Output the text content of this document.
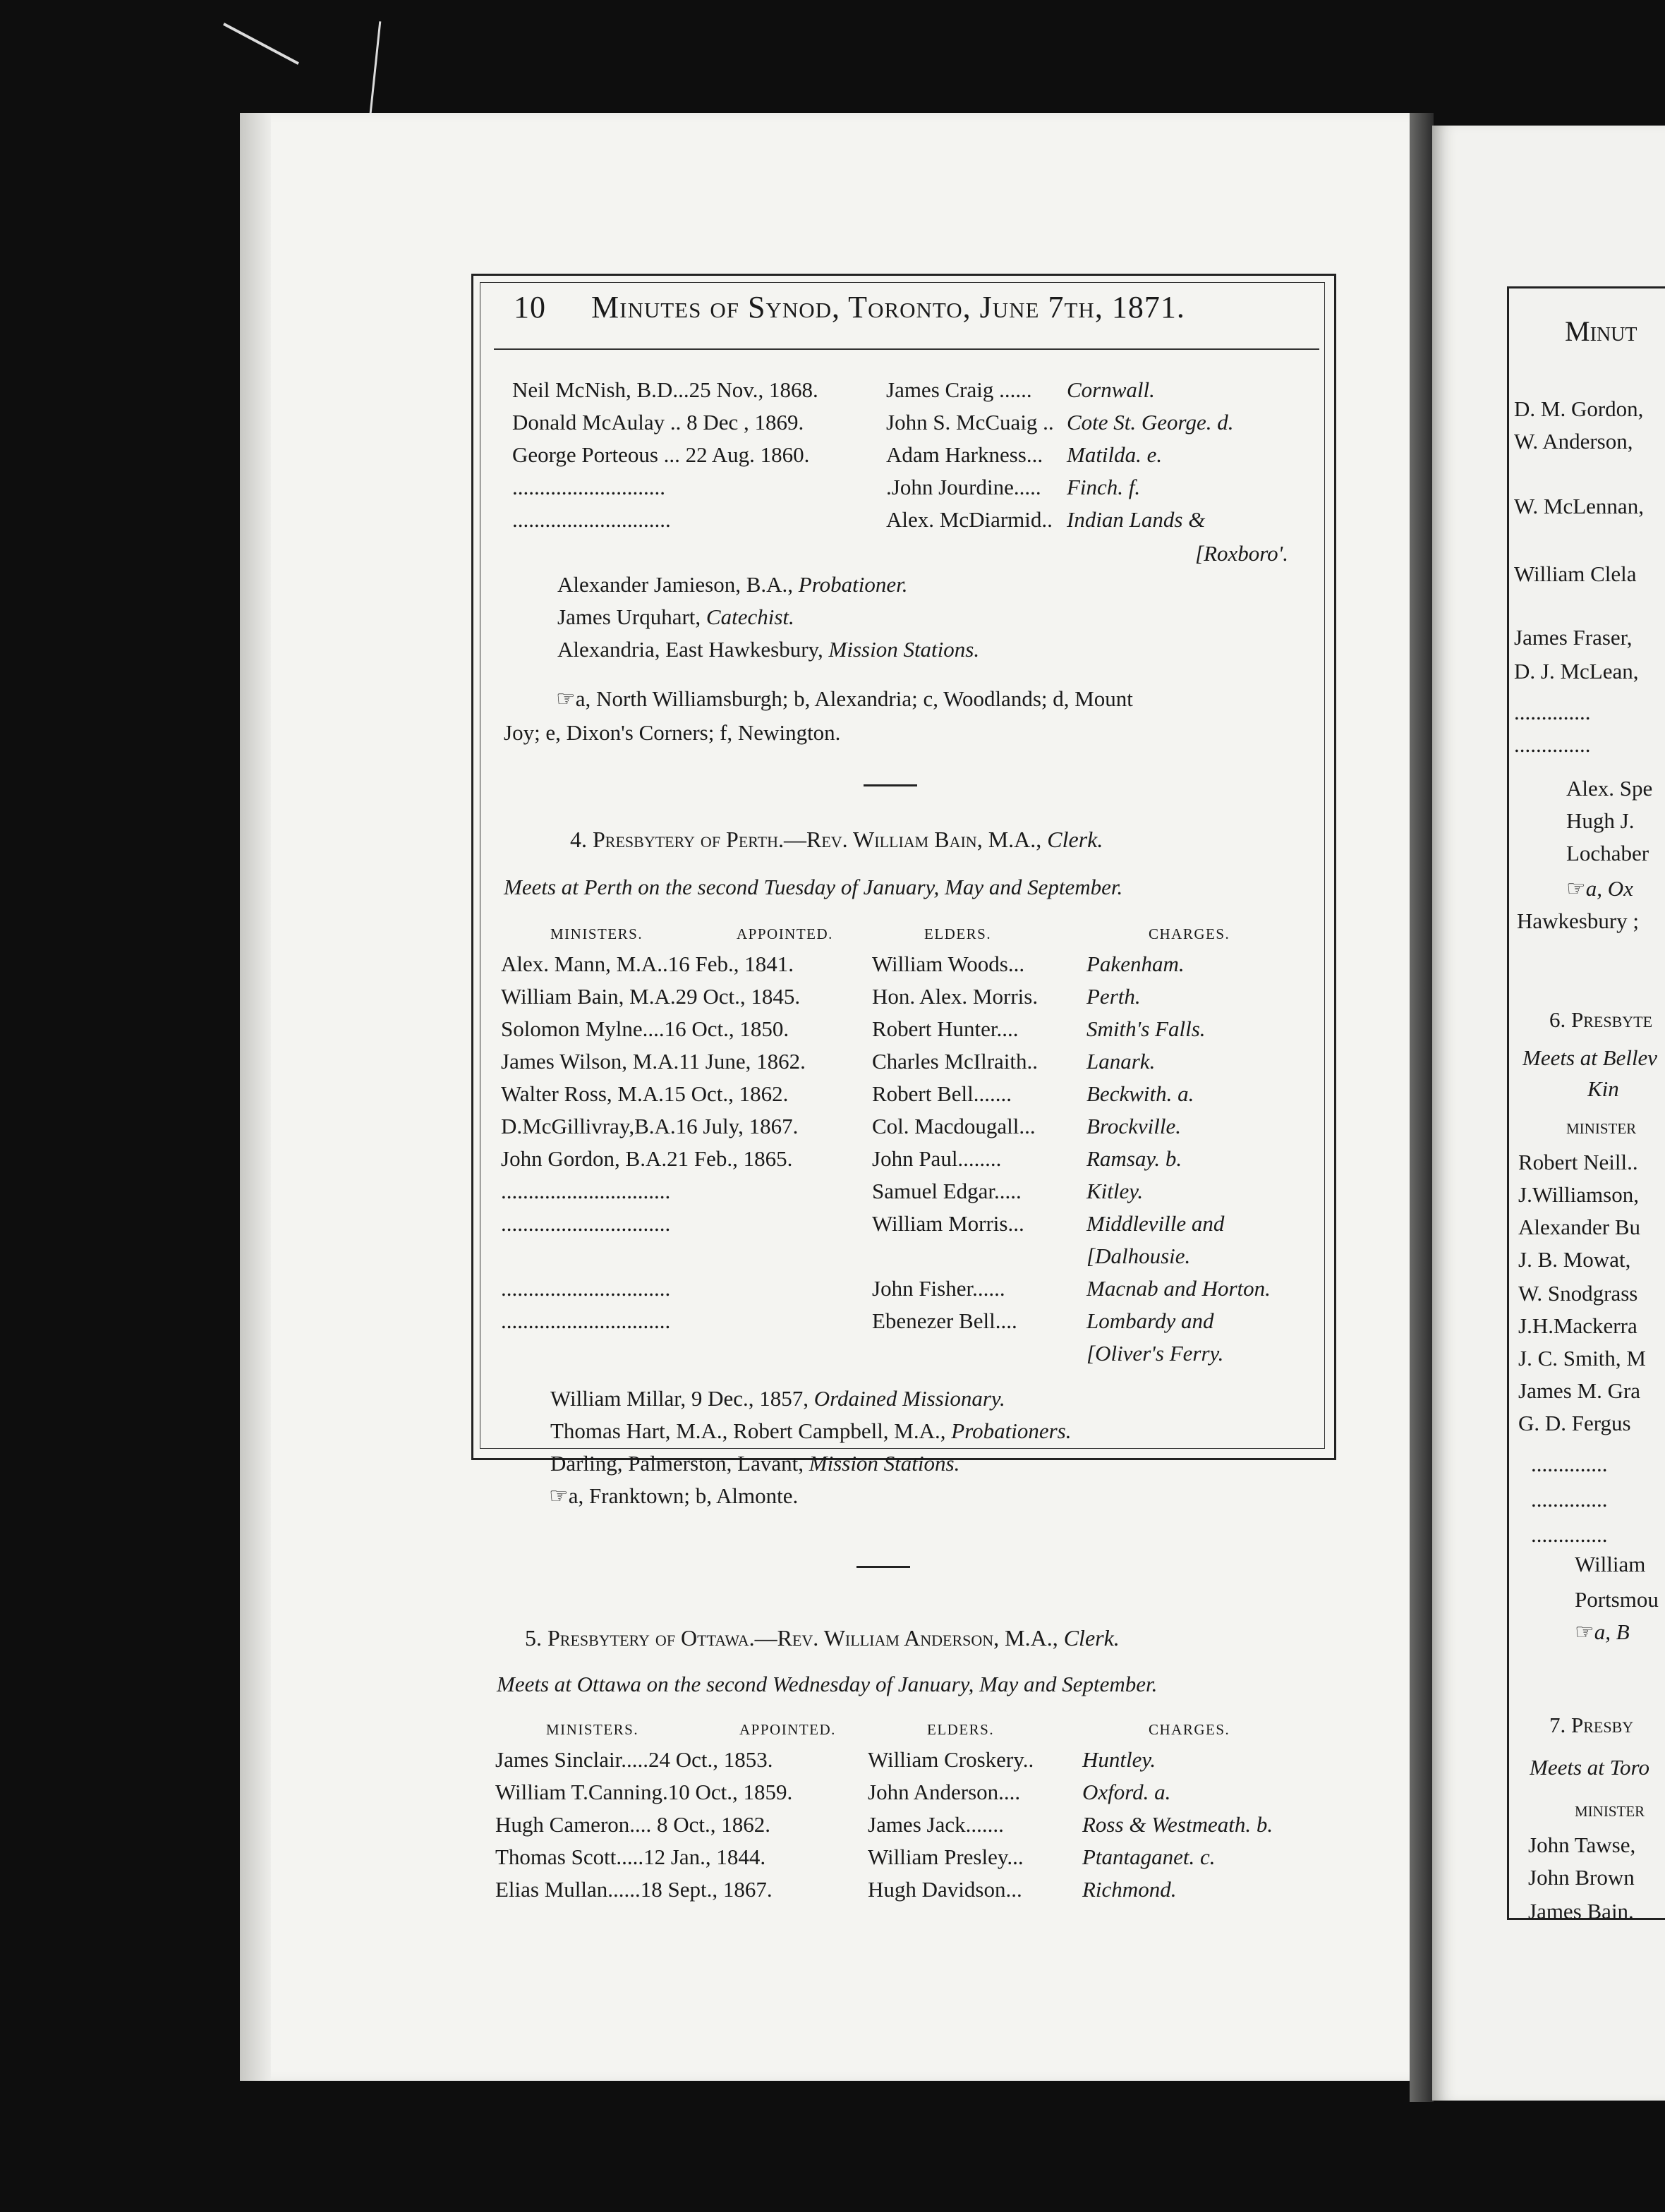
10 Minutes of Synod, Toronto, June 7th, 1871.
Neil McNish, B.D...25 Nov., 1868.	James Craig ...... Cornwall.
Donald McAulay .. 8 Dec , 1869.	John S. McCuaig .. Cote St. George. d.
George Porteous ... 22 Aug. 1860.	Adam Harkness... Matilda. e.
............................	.John Jourdine..... Finch. f.
.............................	Alex. McDiarmid.. Indian Lands &
[Roxboro'.
Alexander Jamieson, B.A., Probationer.
James Urquhart, Catechist.
Alexandria, East Hawkesbury, Mission Stations.
☞a, North Williamsburgh; b, Alexandria; c, Woodlands; d, Mount
Joy; e, Dixon's Corners; f, Newington.
4. Presbytery of Perth.—Rev. William Bain, M.A., Clerk.
Meets at Perth on the second Tuesday of January, May and September.
MINISTERS.	APPOINTED.	ELDERS.	CHARGES.
Alex. Mann, M.A..16 Feb., 1841.	William Woods...	Pakenham.
William Bain, M.A.29 Oct., 1845.	Hon. Alex. Morris. Perth.
Solomon Mylne....16 Oct., 1850.	Robert Hunter....	Smith's Falls.
James Wilson, M.A.11 June, 1862.	Charles McIlraith.. Lanark.
Walter Ross, M.A.15 Oct., 1862.	Robert Bell.......	Beckwith. a.
D.McGillivray,B.A.16 July, 1867.	Col. Macdougall... Brockville.
John Gordon, B.A.21 Feb., 1865.	John Paul........	Ramsay. b.
...............................	Samuel Edgar.....	Kitley.
...............................	William Morris...	Middleville and
[Dalhousie.
...............................	John Fisher......	Macnab and Horton.
...............................	Ebenezer Bell....	Lombardy and
[Oliver's Ferry.
William Millar, 9 Dec., 1857, Ordained Missionary.
Thomas Hart, M.A., Robert Campbell, M.A., Probationers.
Darling, Palmerston, Lavant, Mission Stations.
☞a, Franktown; b, Almonte.
5. Presbytery of Ottawa.—Rev. William Anderson, M.A., Clerk.
Meets at Ottawa on the second Wednesday of January, May and September.
MINISTERS.	APPOINTED.	ELDERS.	CHARGES.
James Sinclair.....24 Oct., 1853.	William Croskery.. Huntley.
William T.Canning.10 Oct., 1859.	John Anderson....	Oxford. a.
Hugh Cameron.... 8 Oct., 1862.	James Jack.......	Ross & Westmeath. b.
Thomas Scott.....12 Jan., 1844.	William Presley...	Ptantaganet. c.
Elias Mullan......18 Sept., 1867.	Hugh Davidson...	Richmond.
Minut
D. M. Gordon,
W. Anderson,
W. McLennan,
William Clela
James Fraser,
D. J. McLean,
..............
..............
Alex. Spe
Hugh J.
Lochaber
☞a, Ox
Hawkesbury ;
6. Presbyte
Meets at Bellev
Kin
MINISTER
Robert Neill..
J.Williamson,
Alexander Bu
J. B. Mowat,
W. Snodgrass
J.H.Mackerra
J. C. Smith, M
James M. Gra
G. D. Fergus
..............
..............
..............
William
Portsmou
☞a, B
7. Presby
Meets at Toro
MINISTER
John Tawse,
John Brown
James Bain.
